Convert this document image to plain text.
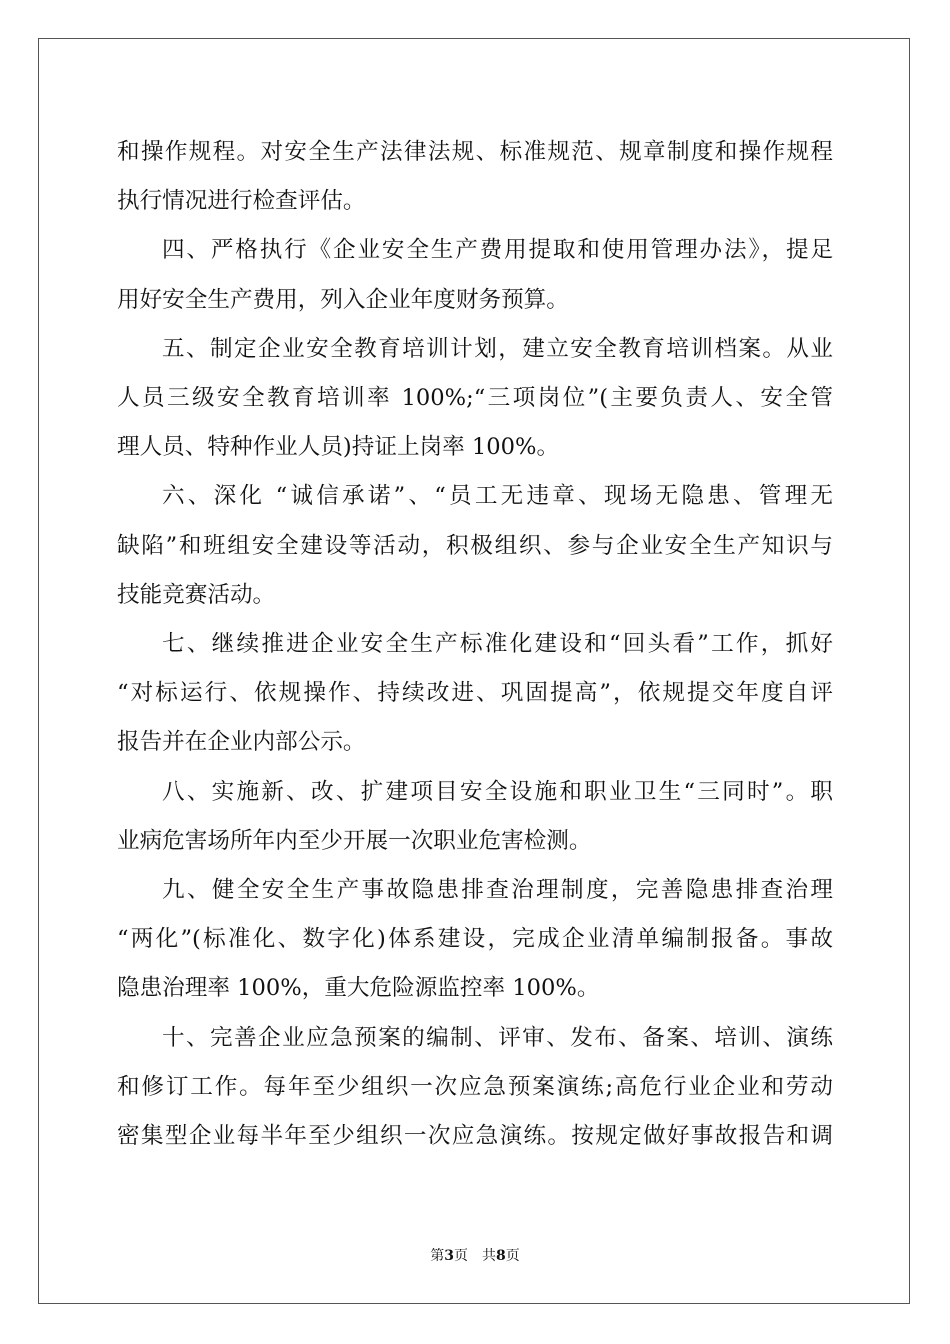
和操作规程。对安全生产法律法规、标准规范、规章制度和操作规程
执行情况进行检查评估。
四、严格执行《企业安全生产费用提取和使用管理办法》，提足
用好安全生产费用，列入企业年度财务预算。
五、制定企业安全教育培训计划，建立安全教育培训档案。从业
人员三级安全教育培训率 100%;“三项岗位”(主要负责人、安全管
理人员、特种作业人员)持证上岗率 100%。
六、深化 “诚信承诺”、“员工无违章、现场无隐患、管理无
缺陷”和班组安全建设等活动，积极组织、参与企业安全生产知识与
技能竞赛活动。
七、继续推进企业安全生产标准化建设和“回头看”工作，抓好
“对标运行、依规操作、持续改进、巩固提高”，依规提交年度自评
报告并在企业内部公示。
八、实施新、改、扩建项目安全设施和职业卫生“三同时”。职
业病危害场所年内至少开展一次职业危害检测。
九、健全安全生产事故隐患排查治理制度，完善隐患排查治理
“两化”(标准化、数字化)体系建设，完成企业清单编制报备。事故
隐患治理率 100%，重大危险源监控率 100%。
十、完善企业应急预案的编制、评审、发布、备案、培训、演练
和修订工作。每年至少组织一次应急预案演练;高危行业企业和劳动
密集型企业每半年至少组织一次应急演练。按规定做好事故报告和调
第3页 共8页
